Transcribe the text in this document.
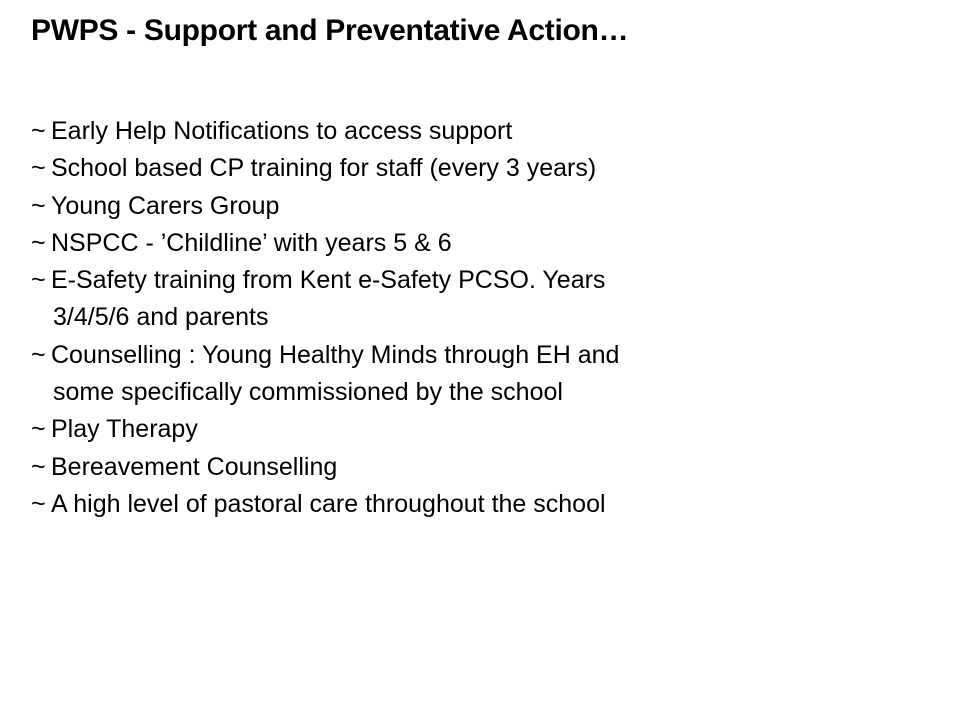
PWPS - Support and Preventative Action…
~ Early Help Notifications to access support
~ School based CP training for staff (every 3 years)
~ Young Carers Group
~ NSPCC - ’Childline’ with years 5 & 6
~ E-Safety training from Kent e-Safety PCSO. Years
3/4/5/6 and parents
~ Counselling : Young Healthy Minds through EH and
some specifically commissioned by the school
~ Play Therapy
~ Bereavement Counselling
~ A high level of pastoral care throughout the school
